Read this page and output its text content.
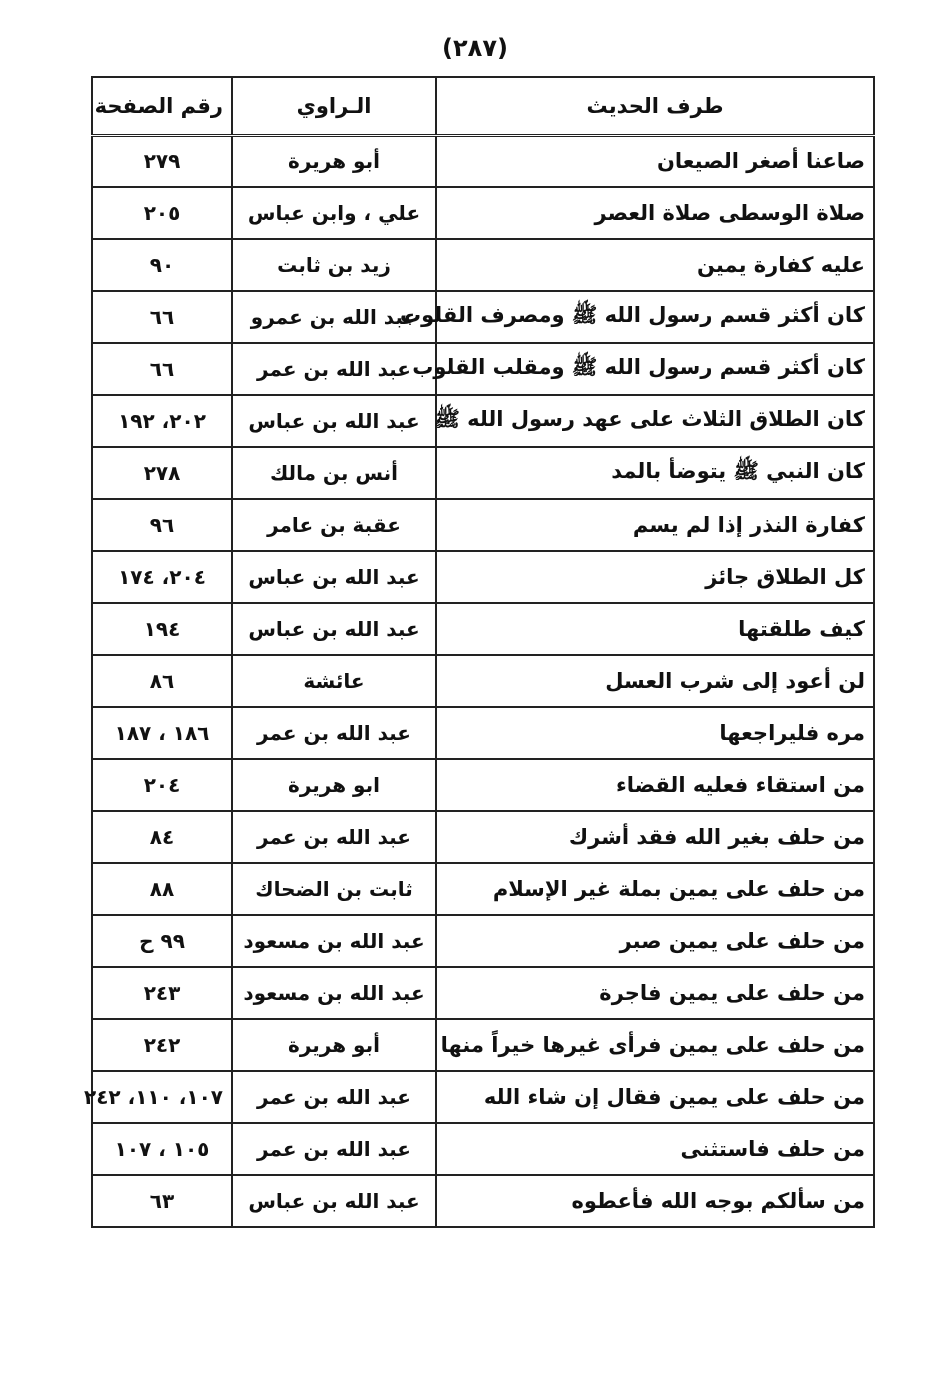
(٢٨٧)
طرف الحديث	الـراوي	رقم الصفحة
صاعنا أصغر الصيعان	أبو هريرة	٢٧٩
صلاة الوسطى صلاة العصر	علي ، وابن عباس	٢٠٥
عليه كفارة يمين	زيد بن ثابت	٩٠
كان أكثر قسم رسول الله ﷺ ومصرف القلوب	عبد الله بن عمرو	٦٦
كان أكثر قسم رسول الله ﷺ ومقلب القلوب	عبد الله بن عمر	٦٦
كان الطلاق الثلاث على عهد رسول الله ﷺ	عبد الله بن عباس	٢٠٢، ١٩٢
كان النبي ﷺ يتوضأ بالمد	أنس بن مالك	٢٧٨
كفارة النذر إذا لم يسم	عقبة بن عامر	٩٦
كل الطلاق جائز	عبد الله بن عباس	٢٠٤، ١٧٤
كيف طلقتها	عبد الله بن عباس	١٩٤
لن أعود إلى شرب العسل	عائشة	٨٦
مره فليراجعها	عبد الله بن عمر	١٨٦ ، ١٨٧
من استقاء فعليه القضاء	ابو هريرة	٢٠٤
من حلف بغير الله فقد أشرك	عبد الله بن عمر	٨٤
من حلف على يمين بملة غير الإسلام	ثابت بن الضحاك	٨٨
من حلف على يمين صبر	عبد الله بن مسعود	٩٩ ح
من حلف على يمين فاجرة	عبد الله بن مسعود	٢٤٣
من حلف على يمين فرأى غيرها خيراً منها	أبو هريرة	٢٤٢
من حلف على يمين فقال إن شاء الله	عبد الله بن عمر	١٠٧، ١١٠، ٢٤٢
من حلف فاستثنى	عبد الله بن عمر	١٠٥ ، ١٠٧
من سألكم بوجه الله فأعطوه	عبد الله بن عباس	٦٣
